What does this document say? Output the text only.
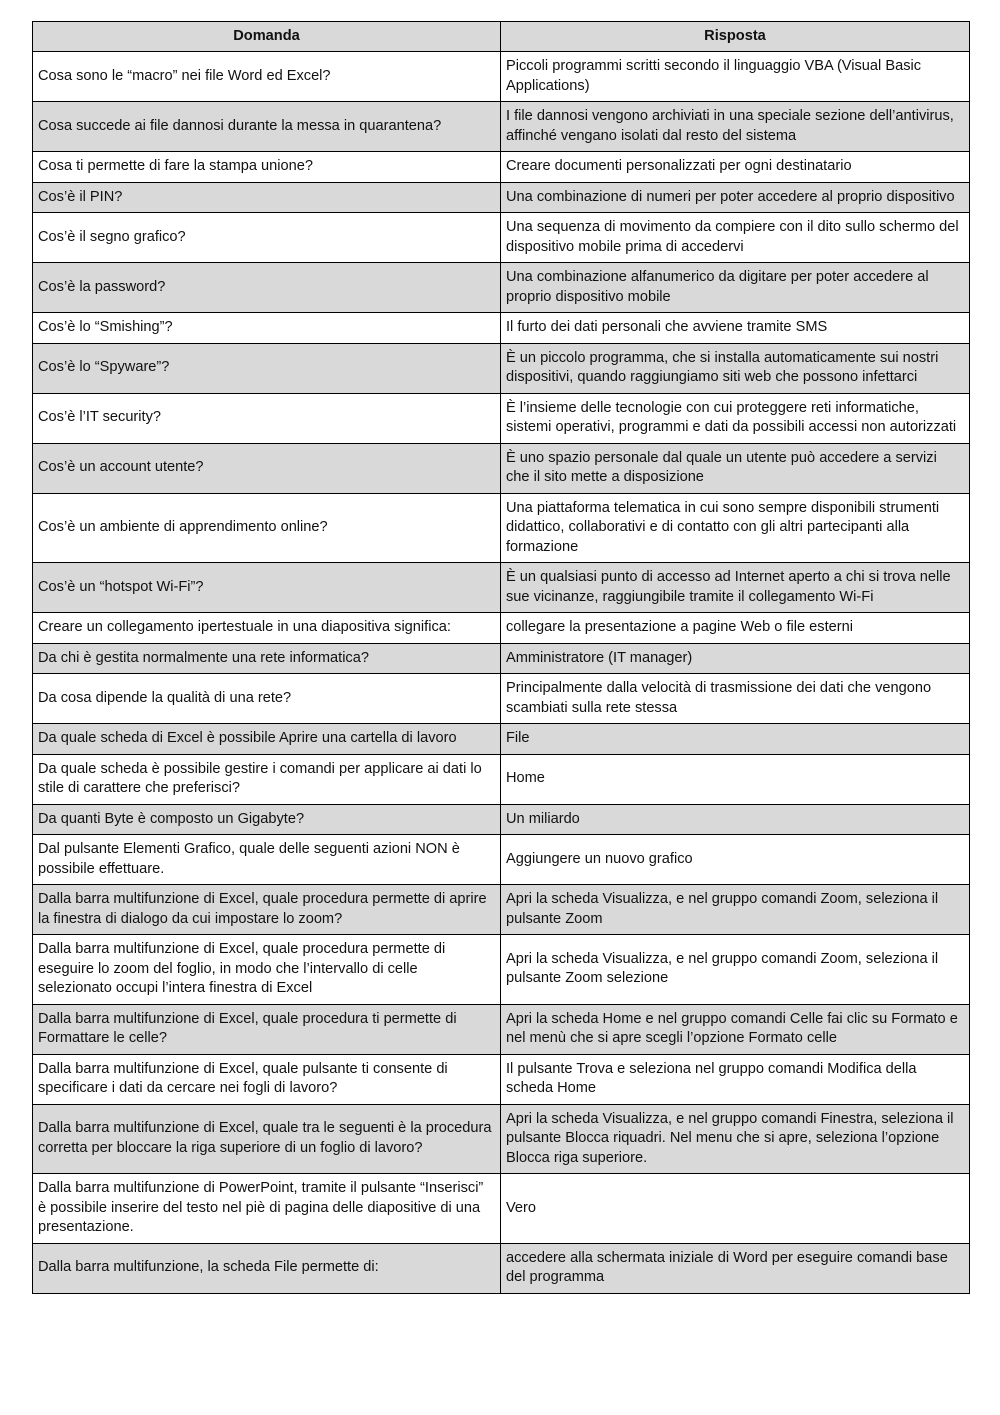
Domanda	Risposta
Cosa sono le “macro” nei file Word ed Excel?	Piccoli programmi scritti secondo il linguaggio VBA (Visual Basic Applications)
Cosa succede ai file dannosi durante la messa in quarantena?	I file dannosi vengono archiviati in una speciale sezione dell’antivirus, affinché vengano isolati dal resto del sistema
Cosa ti permette di fare la stampa unione?	Creare documenti personalizzati per ogni destinatario
Cos’è il PIN?	Una combinazione di numeri per poter accedere al proprio dispositivo
Cos’è il segno grafico?	Una sequenza di movimento da compiere con il dito sullo schermo del dispositivo mobile prima di accedervi
Cos’è la password?	Una combinazione alfanumerico da digitare per poter accedere al proprio dispositivo mobile
Cos’è lo “Smishing”?	Il furto dei dati personali che avviene tramite SMS
Cos’è lo “Spyware”?	È un piccolo programma, che si installa automaticamente sui nostri dispositivi, quando raggiungiamo siti web che possono infettarci
Cos’è l’IT security?	È l’insieme delle tecnologie con cui proteggere reti informatiche, sistemi operativi, programmi e dati da possibili accessi non autorizzati
Cos’è un account utente?	È uno spazio personale dal quale un utente può accedere a servizi che il sito mette a disposizione
Cos’è un ambiente di apprendimento online?	Una piattaforma telematica in cui sono sempre disponibili strumenti didattico, collaborativi e di contatto con gli altri partecipanti alla formazione
Cos’è un “hotspot Wi-Fi”?	È un qualsiasi punto di accesso ad Internet aperto a chi si trova nelle sue vicinanze, raggiungibile tramite il collegamento Wi-Fi
Creare un collegamento ipertestuale in una diapositiva significa:	collegare la presentazione a pagine Web o file esterni
Da chi è gestita normalmente una rete informatica?	Amministratore (IT manager)
Da cosa dipende la qualità di una rete?	Principalmente dalla velocità di trasmissione dei dati che vengono scambiati sulla rete stessa
Da quale scheda di Excel è possibile Aprire una cartella di lavoro	File
Da quale scheda è possibile gestire i comandi per applicare ai dati lo stile di carattere che preferisci?	Home
Da quanti Byte è composto un Gigabyte?	Un miliardo
Dal pulsante Elementi Grafico, quale delle seguenti azioni NON è possibile effettuare.	Aggiungere un nuovo grafico
Dalla barra multifunzione di Excel, quale procedura permette di aprire la finestra di dialogo da cui impostare lo zoom?	Apri la scheda Visualizza, e nel gruppo comandi Zoom, seleziona il pulsante Zoom
Dalla barra multifunzione di Excel, quale procedura permette di eseguire lo zoom del foglio, in modo che l’intervallo di celle selezionato occupi l’intera finestra di Excel	Apri la scheda Visualizza, e nel gruppo comandi Zoom, seleziona il pulsante Zoom selezione
Dalla barra multifunzione di Excel, quale procedura ti permette di Formattare le celle?	Apri la scheda Home e nel gruppo comandi Celle fai clic su Formato e nel menù che si apre scegli l’opzione Formato celle
Dalla barra multifunzione di Excel, quale pulsante ti consente di specificare i dati da cercare nei fogli di lavoro?	Il pulsante Trova e seleziona nel gruppo comandi Modifica della scheda Home
Dalla barra multifunzione di Excel, quale tra le seguenti è la procedura corretta per bloccare la riga superiore di un foglio di lavoro?	Apri la scheda Visualizza, e nel gruppo comandi Finestra, seleziona il pulsante Blocca riquadri. Nel menu che si apre, seleziona l’opzione Blocca riga superiore.
Dalla barra multifunzione di PowerPoint, tramite il pulsante “Inserisci” è possibile inserire del testo nel piè di pagina delle diapositive di una presentazione.	Vero
Dalla barra multifunzione, la scheda File permette di:	accedere alla schermata iniziale di Word per eseguire comandi base del programma
